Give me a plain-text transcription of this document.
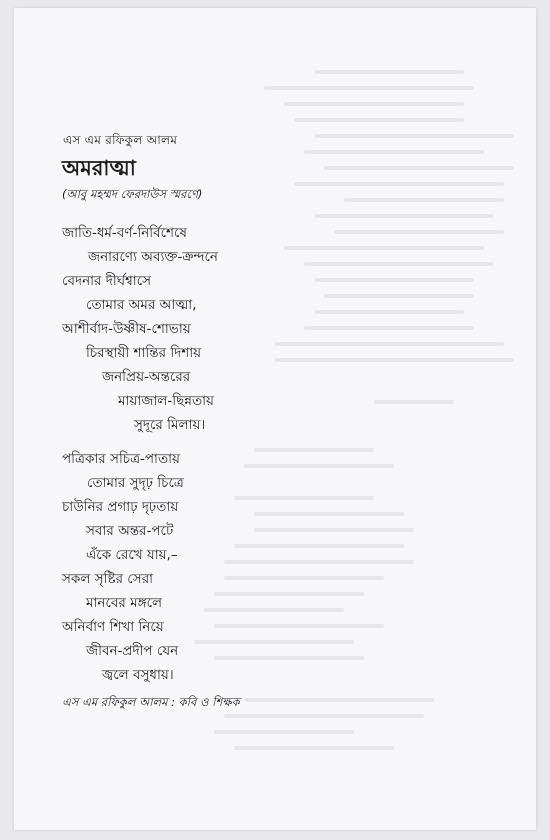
এস এম রফিকুল আলম
অমরাত্মা
(আবু মহম্মদ ফেরদাউস স্মরণে)
জাতি-ধর্ম-বর্ণ-নির্বিশেষে
জনারণ্যে অব্যক্ত-ক্রন্দনে
বেদনার দীর্ঘশ্বাসে
তোমার অমর আত্মা,
আশীর্বাদ-উষ্ণীষ-শোভায়
চিরস্থায়ী শান্তির দিশায়
জনপ্রিয়-অন্তরের
মায়াজাল-ছিন্নতায়
সুদূরে মিলায়।
পত্রিকার সচিত্র-পাতায়
তোমার সুদৃঢ় চিত্রে
চাউনির প্রগাঢ় দৃঢ়তায়
সবার অন্তর-পটে
এঁকে রেখে যায়,–
সকল সৃষ্টির সেরা
মানবের মঙ্গলে
অনির্বাণ শিখা নিয়ে
জীবন-প্রদীপ যেন
জ্বলে বসুধায়।
এস এম রফিকুল আলম : কবি ও শিক্ষক
